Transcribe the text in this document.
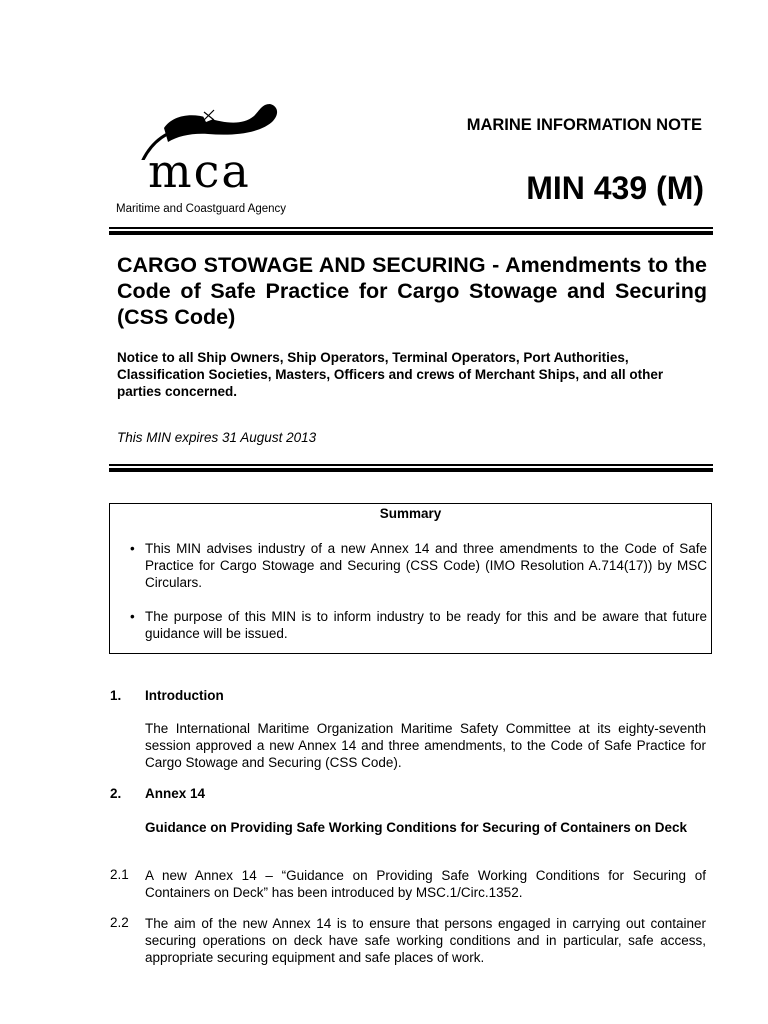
mca
Maritime and Coastguard Agency
MARINE INFORMATION NOTE
MIN 439 (M)
CARGO STOWAGE AND SECURING - Amendments to the Code of Safe Practice for Cargo Stowage and Securing (CSS Code)

Notice to all Ship Owners, Ship Operators, Terminal Operators, Port Authorities, Classification Societies, Masters, Officers and crews of Merchant Ships, and all other parties concerned.

This MIN expires 31 August 2013
Summary
• This MIN advises industry of a new Annex 14 and three amendments to the Code of Safe Practice for Cargo Stowage and Securing (CSS Code) (IMO Resolution A.714(17)) by MSC Circulars.
• The purpose of this MIN is to inform industry to be ready for this and be aware that future guidance will be issued.
1. Introduction

The International Maritime Organization Maritime Safety Committee at its eighty-seventh session approved a new Annex 14 and three amendments, to the Code of Safe Practice for Cargo Stowage and Securing (CSS Code).

2. Annex 14

Guidance on Providing Safe Working Conditions for Securing of Containers on Deck

2.1 A new Annex 14 – “Guidance on Providing Safe Working Conditions for Securing of Containers on Deck” has been introduced by MSC.1/Circ.1352.

2.2 The aim of the new Annex 14 is to ensure that persons engaged in carrying out container securing operations on deck have safe working conditions and in particular, safe access, appropriate securing equipment and safe places of work.
